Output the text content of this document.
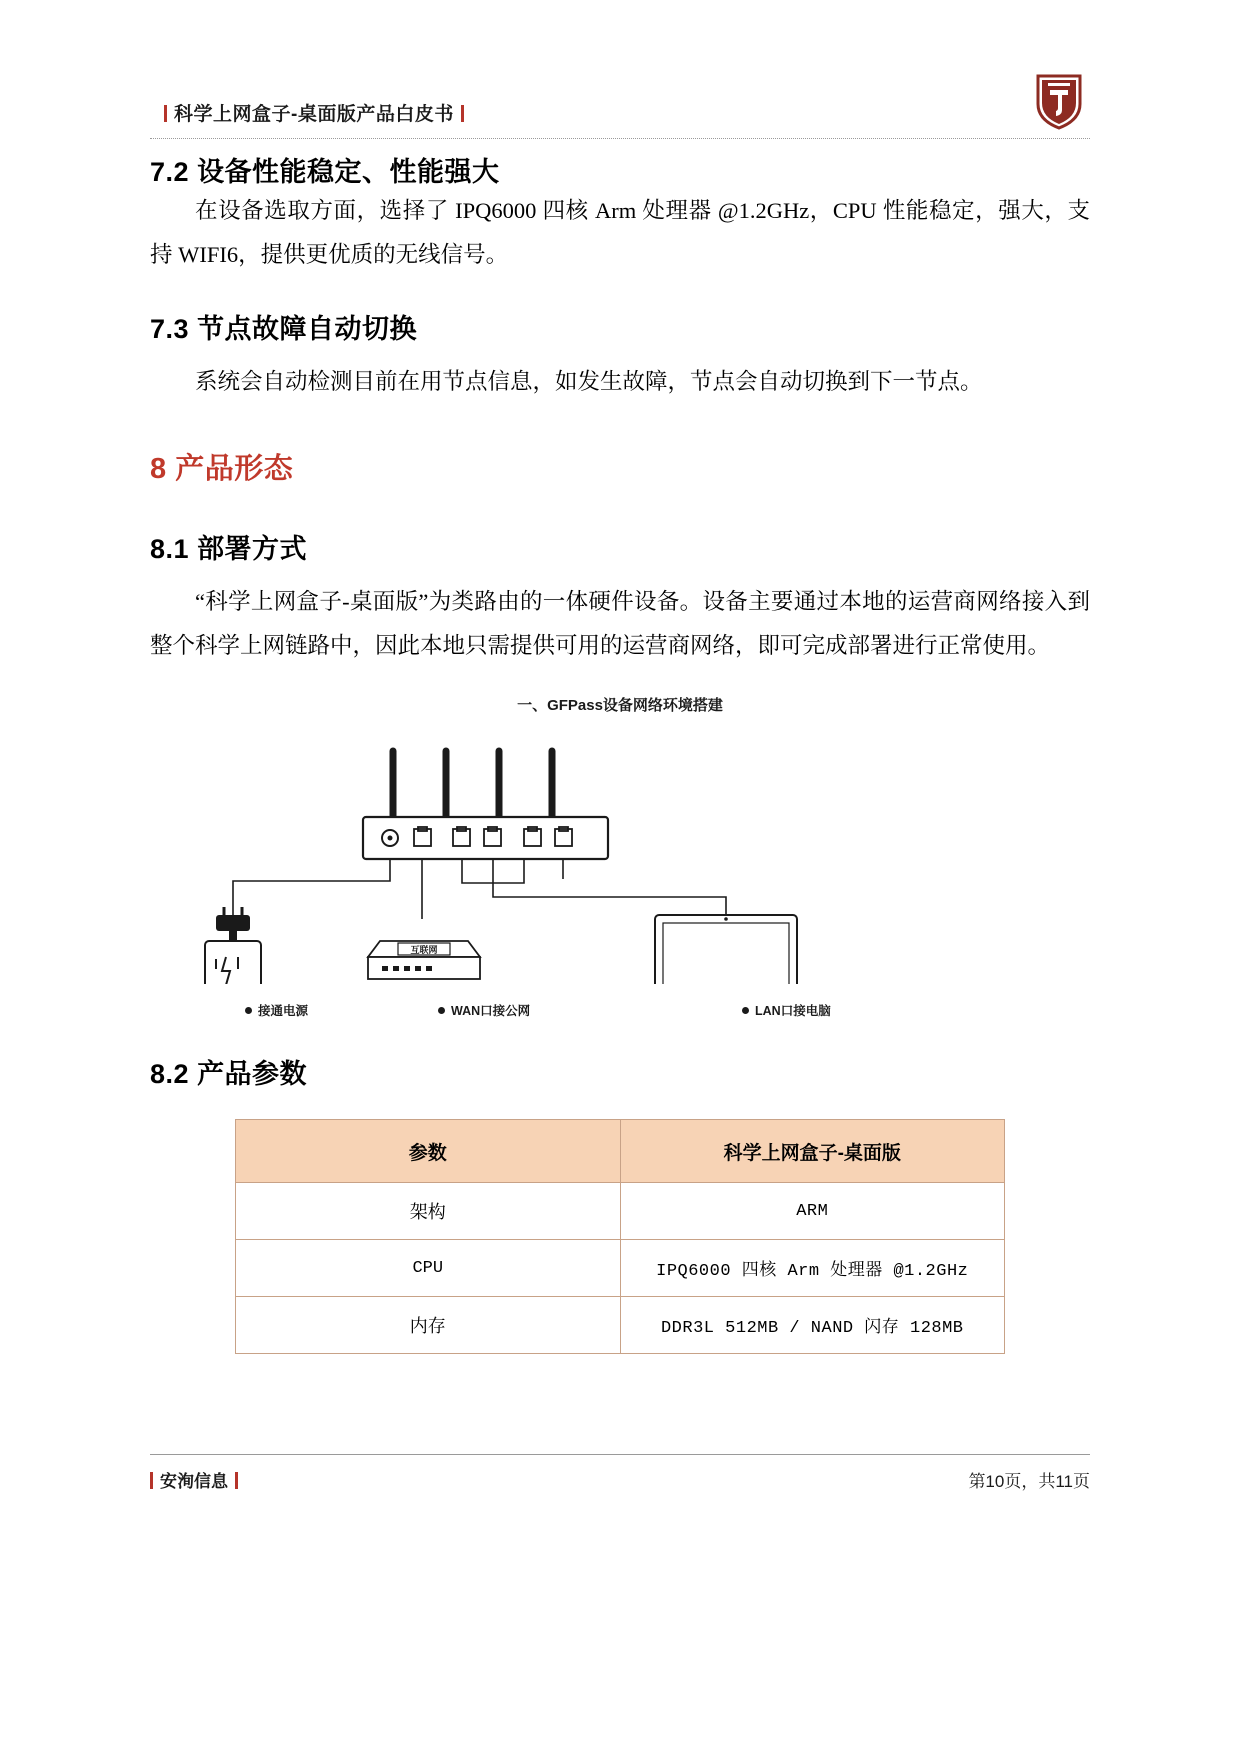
科学上网盒子-桌面版产品白皮书
7.2 设备性能稳定、性能强大

在设备选取方面，选择了 IPQ6000 四核 Arm 处理器 @1.2GHz，CPU 性能稳定，强大，支持 WIFI6，提供更优质的无线信号。

7.3 节点故障自动切换

系统会自动检测目前在用节点信息，如发生故障，节点会自动切换到下一节点。

8 产品形态
8.1 部署方式

“科学上网盒子-桌面版”为类路由的一体硬件设备。设备主要通过本地的运营商网络接入到整个科学上网链路中，因此本地只需提供可用的运营商网络，即可完成部署进行正常使用。

一、GFPass设备网络环境搭建
互联网
接通电源	WAN口接公网	LAN口接电脑
8.2 产品参数
参数	科学上网盒子-桌面版
架构	ARM
CPU	IPQ6000 四核 Arm 处理器 @1.2GHz
内存	DDR3L 512MB / NAND 闪存 128MB
安洵信息	第10页，共11页
